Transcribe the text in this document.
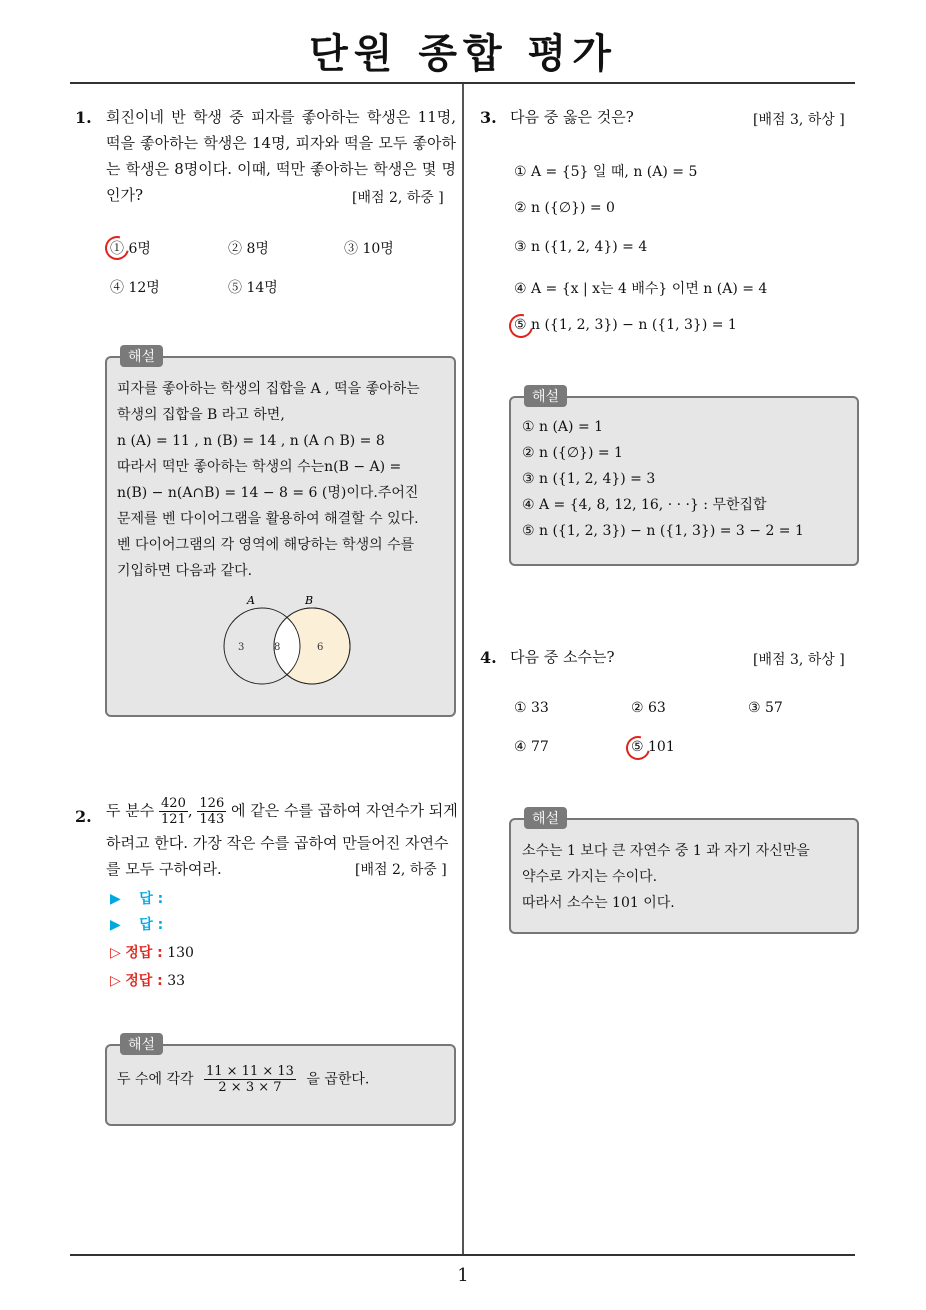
단원 종합 평가
1
1. 희진이네 반 학생 중 피자를 좋아하는 학생은 11명, 떡을 좋아하는 학생은 14명, 피자와 떡을 모두 좋아하는 학생은 8명이다. 이때, 떡만 좋아하는 학생은 몇 명인가?	[배점 2, 하중 ]
① 6명	② 8명	③ 10명
④ 12명	⑤ 14명
해설
피자를 좋아하는 학생의 집합을 A , 떡을 좋아하는
학생의 집합을 B 라고 하면,
n (A) = 11 , n (B) = 14 , n (A ∩ B) = 8
따라서 떡만 좋아하는 학생의 수는n(B − A) =
n(B) − n(A∩B) = 14 − 8 = 6 (명)이다.주어진
문제를 벤 다이어그램을 활용하여 해결할 수 있다.
벤 다이어그램의 각 영역에 해당하는 학생의 수를
기입하면 다음과 같다.
A	B
3	8	6
2. 두 분수 $\frac{420}{121}$ , $\frac{126}{143}$ 에 같은 수를 곱하여 자연수가 되게
하려고 한다. 가장 작은 수를 곱하여 만들어진 자연수
를 모두 구하여라.	[배점 2, 하중 ]
▶ 답 :
▶ 답 :
▷ 정답 : 130
▷ 정답 : 33
해설
두 수에 각각 $\frac{11 \times 11 \times 13}{2 \times 3 \times 7}$ 을 곱한다.
3. 다음 중 옳은 것은?	[배점 3, 하상 ]
① A = {5} 일 때, n (A) = 5
② n ({∅}) = 0
③ n ({1, 2, 4}) = 4
④ A = {x | x는 4 배수} 이면 n (A) = 4
⑤ n ({1, 2, 3}) − n ({1, 3}) = 1
해설
① n (A) = 1
② n ({∅}) = 1
③ n ({1, 2, 4}) = 3
④ A = {4, 8, 12, 16, · · ·} : 무한집합
⑤ n ({1, 2, 3}) − n ({1, 3}) = 3 − 2 = 1
4. 다음 중 소수는?	[배점 3, 하상 ]
① 33	② 63	③ 57
④ 77	⑤ 101
해설
소수는 1 보다 큰 자연수 중 1 과 자기 자신만을
약수로 가지는 수이다.
따라서 소수는 101 이다.
